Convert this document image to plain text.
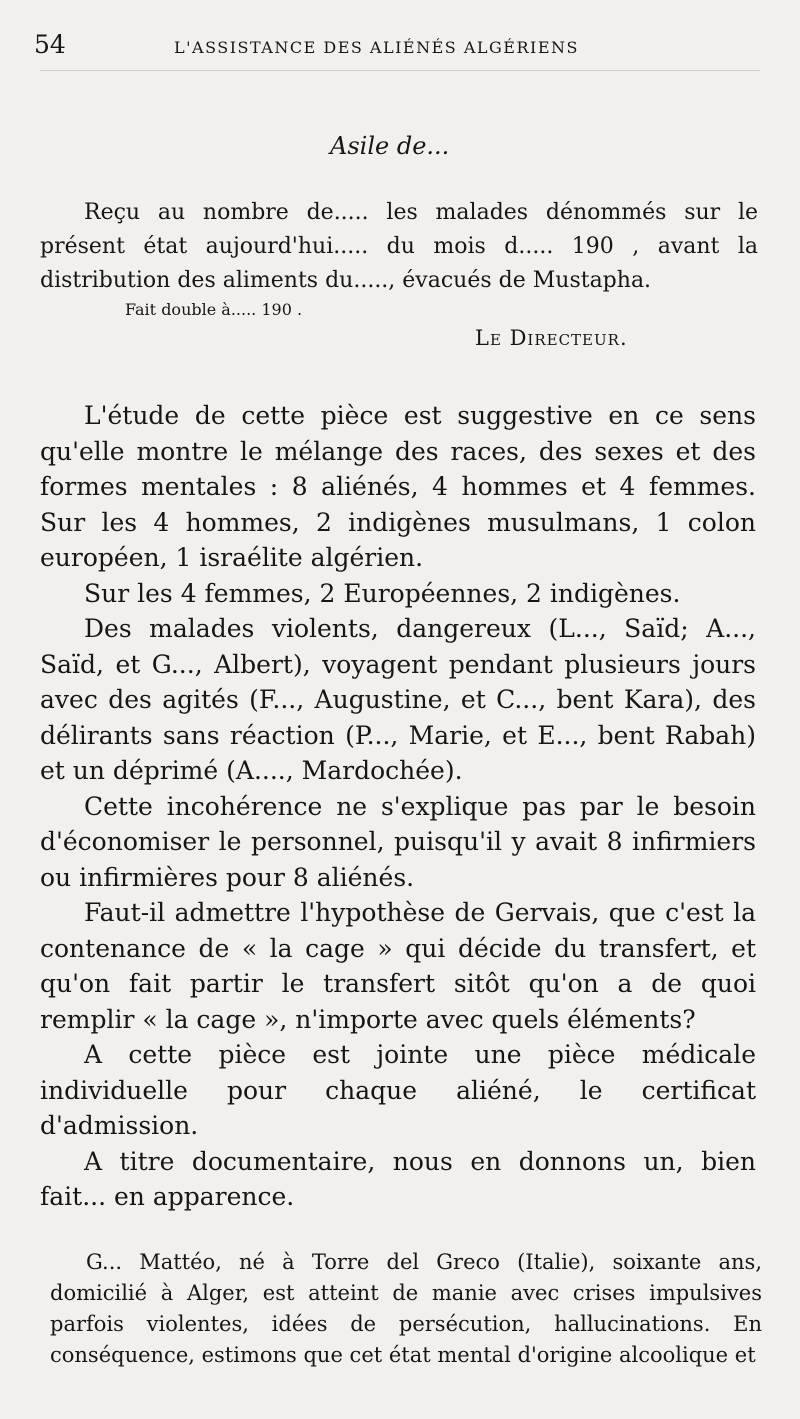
54	L'ASSISTANCE DES ALIÉNÉS ALGÉRIENS
Asile de...
Reçu au nombre de..... les malades dénommés sur le présent état aujourd'hui..... du mois d..... 190 , avant la distribution des aliments du....., évacués de Mustapha.
Fait double à..... 190 .
Le Directeur.

L'étude de cette pièce est suggestive en ce sens qu'elle montre le mélange des races, des sexes et des formes mentales : 8 aliénés, 4 hommes et 4 femmes. Sur les 4 hommes, 2 indigènes musulmans, 1 colon européen, 1 israélite algérien.

Sur les 4 femmes, 2 Européennes, 2 indigènes.

Des malades violents, dangereux (L..., Saïd; A..., Saïd, et G..., Albert), voyagent pendant plusieurs jours avec des agités (F..., Augustine, et C..., bent Kara), des délirants sans réaction (P..., Marie, et E..., bent Rabah) et un déprimé (A...., Mardochée).

Cette incohérence ne s'explique pas par le besoin d'économiser le personnel, puisqu'il y avait 8 infirmiers ou infirmières pour 8 aliénés.

Faut-il admettre l'hypothèse de Gervais, que c'est la contenance de « la cage » qui décide du transfert, et qu'on fait partir le transfert sitôt qu'on a de quoi remplir « la cage », n'importe avec quels éléments?

A cette pièce est jointe une pièce médicale individuelle pour chaque aliéné, le certificat d'admission.

A titre documentaire, nous en donnons un, bien fait... en apparence.

G... Mattéo, né à Torre del Greco (Italie), soixante ans, domicilié à Alger, est atteint de manie avec crises impulsives parfois violentes, idées de persécution, hallucinations. En conséquence, estimons que cet état mental d'origine alcoolique et
